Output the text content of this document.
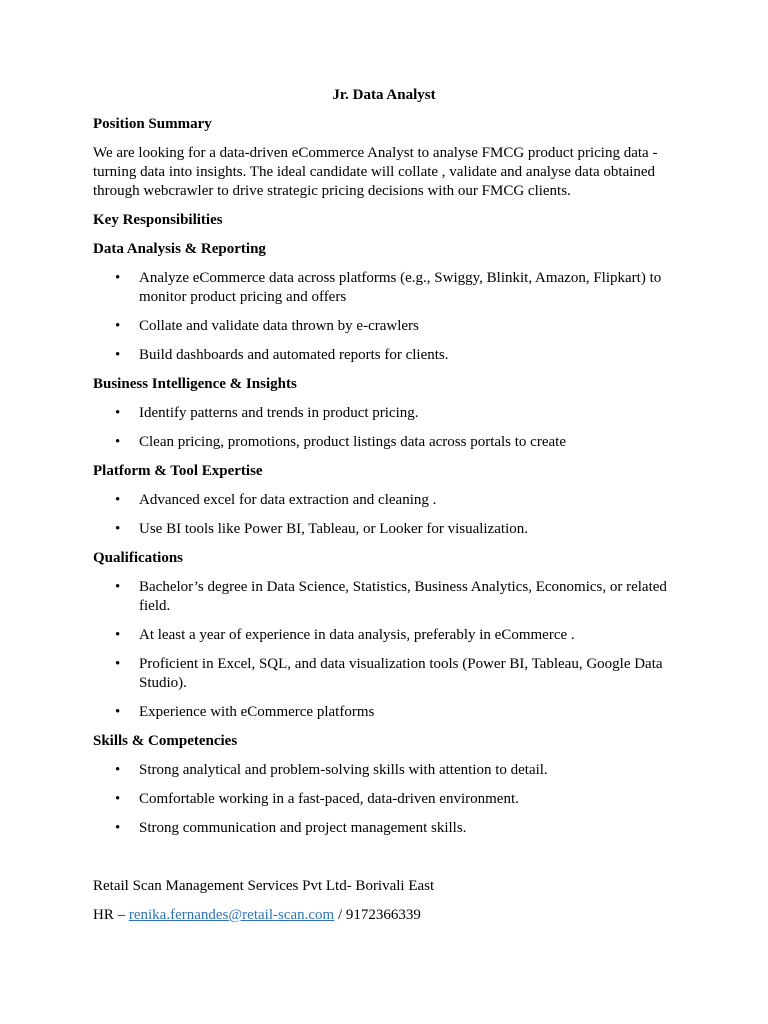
Jr. Data Analyst
Position Summary
We are looking for a data-driven eCommerce Analyst to analyse FMCG product pricing data -turning data into insights. The ideal candidate will collate , validate and analyse data obtained through webcrawler to drive strategic pricing decisions with our FMCG clients.
Key Responsibilities
Data Analysis & Reporting
• Analyze eCommerce data across platforms (e.g., Swiggy, Blinkit, Amazon, Flipkart) to monitor product pricing and offers
• Collate and validate data thrown by e-crawlers
• Build dashboards and automated reports for clients.
Business Intelligence & Insights
• Identify patterns and trends in product pricing.
• Clean pricing, promotions, product listings data across portals to create
Platform & Tool Expertise
• Advanced excel for data extraction and cleaning .
• Use BI tools like Power BI, Tableau, or Looker for visualization.
Qualifications
• Bachelor’s degree in Data Science, Statistics, Business Analytics, Economics, or related field.
• At least a year of experience in data analysis, preferably in eCommerce .
• Proficient in Excel, SQL, and data visualization tools (Power BI, Tableau, Google Data Studio).
• Experience with eCommerce platforms
Skills & Competencies
• Strong analytical and problem-solving skills with attention to detail.
• Comfortable working in a fast-paced, data-driven environment.
• Strong communication and project management skills.
Retail Scan Management Services Pvt Ltd- Borivali East
HR – renika.fernandes@retail-scan.com / 9172366339
